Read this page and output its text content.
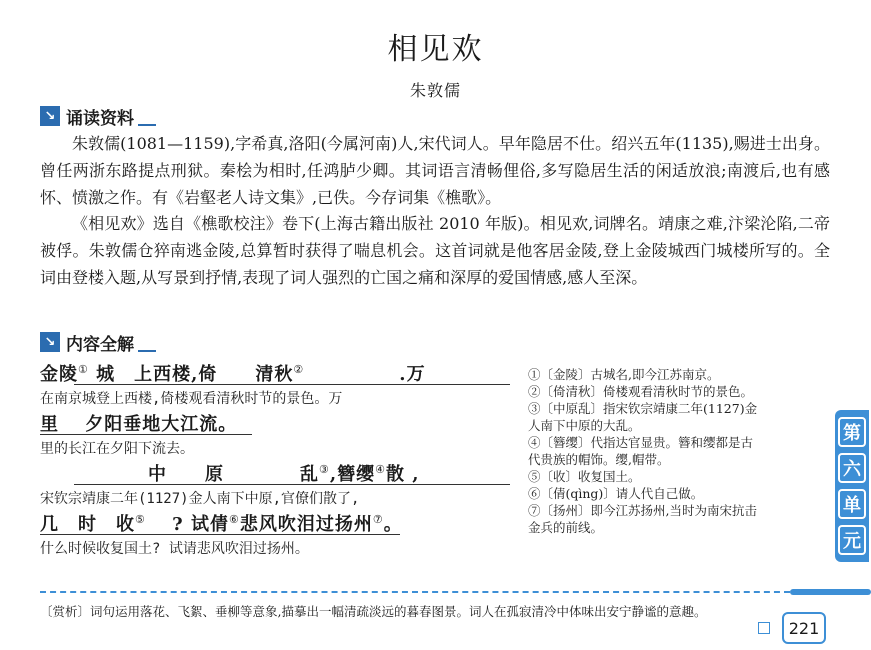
相见欢
朱敦儒
↘ 诵读资料

朱敦儒(1081—1159),字希真,洛阳(今属河南)人,宋代词人。早年隐居不仕。绍兴五年(1135),赐进士出身。曾任两浙东路提点刑狱。秦桧为相时,任鸿胪少卿。其词语言清畅俚俗,多写隐居生活的闲适放浪;南渡后,也有感怀、愤激之作。有《岩壑老人诗文集》,已佚。今存词集《樵歌》。

《相见欢》选自《樵歌校注》卷下(上海古籍出版社 2010 年版)。相见欢,词牌名。靖康之难,汴梁沦陷,二帝被俘。朱敦儒仓猝南逃金陵,总算暂时获得了喘息机会。这首词就是他客居金陵,登上金陵城西门城楼所写的。全词由登楼入题,从写景到抒情,表现了词人强烈的亡国之痛和深厚的爱国情感,感人至深。

↘ 内容全解
金陵① 城　上西楼,倚　　清秋②　　　　　.万
在南京城登上西楼,倚楼观看清秋时节的景色。万
里　 夕阳垂地大江流。
里的长江在夕阳下流去。
中　　原　　　　乱③,簪缨④散 ,
宋钦宗靖康二年(1127)金人南下中原,官僚们散了,
几　时　收⑤　 ? 试倩⑥悲风吹泪过扬州⑦。
什么时候收复国土? 试请悲风吹泪过扬州。
①〔金陵〕古城名,即今江苏南京。
②〔倚清秋〕倚楼观看清秋时节的景色。
③〔中原乱〕指宋钦宗靖康二年(1127)金
人南下中原的大乱。
④〔簪缨〕代指达官显贵。簪和缨都是古
代贵族的帽饰。缨,帽带。
⑤〔收〕收复国土。
⑥〔倩(qìng)〕请人代自己做。
⑦〔扬州〕即今江苏扬州,当时为南宋抗击
金兵的前线。
第
六
单
元
〔赏析〕词句运用落花、飞絮、垂柳等意象,描摹出一幅清疏淡远的暮春图景。词人在孤寂清冷中体味出安宁静谧的意趣。
221
